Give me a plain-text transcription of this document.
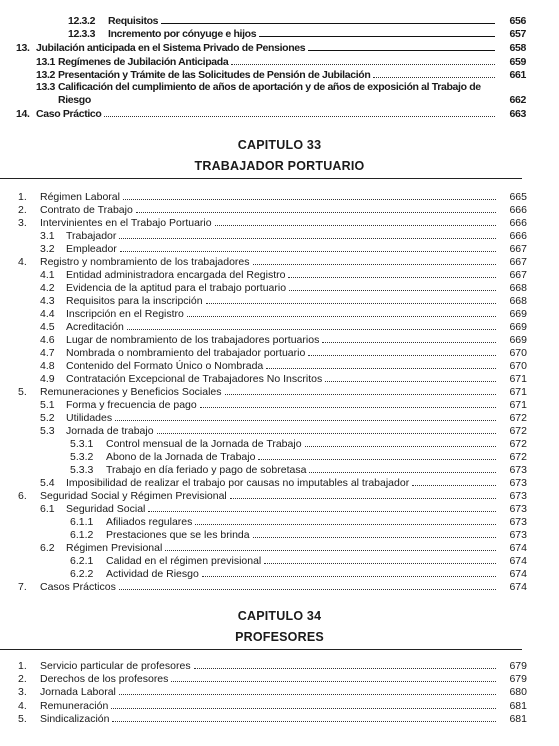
12.3.2	Requisitos	656
12.3.3	Incremento por cónyuge e hijos	657
13. Jubilación anticipada en el Sistema Privado de Pensiones	658
13.1 Regímenes de Jubilación Anticipada	659
13.2 Presentación y Trámite de las Solicitudes de Pensión de Jubilación	661
13.3 Calificación del cumplimiento de años de aportación y de años de exposición al Trabajo de
Riesgo	662
14. Caso Práctico	663
CAPITULO 33
TRABAJADOR PORTUARIO
1.	Régimen Laboral	665
2.	Contrato de Trabajo	666
3.	Intervinientes en el Trabajo Portuario	666
3.1	Trabajador	666
3.2	Empleador	667
4.	Registro y nombramiento de los trabajadores	667
4.1	Entidad administradora encargada del Registro	667
4.2	Evidencia de la aptitud para el trabajo portuario	668
4.3	Requisitos para la inscripción	668
4.4	Inscripción en el Registro	669
4.5	Acreditación	669
4.6	Lugar de nombramiento de los trabajadores portuarios	669
4.7	Nombrada o nombramiento del trabajador portuario	670
4.8	Contenido del Formato Único o Nombrada	670
4.9	Contratación Excepcional de Trabajadores No Inscritos	671
5.	Remuneraciones y Beneficios Sociales	671
5.1	Forma y frecuencia de pago	671
5.2	Utilidades	672
5.3	Jornada de trabajo	672
5.3.1	Control mensual de la Jornada de Trabajo	672
5.3.2	Abono de la Jornada de Trabajo	672
5.3.3	Trabajo en día feriado y pago de sobretasa	673
5.4	Imposibilidad de realizar el trabajo por causas no imputables al trabajador	673
6.	Seguridad Social y Régimen Previsional	673
6.1	Seguridad Social	673
6.1.1	Afiliados regulares	673
6.1.2	Prestaciones que se les brinda	673
6.2	Régimen Previsional	674
6.2.1	Calidad en el régimen previsional	674
6.2.2	Actividad de Riesgo	674
7.	Casos Prácticos	674
CAPITULO 34
PROFESORES
1.	Servicio particular de profesores	679
2.	Derechos de los profesores	679
3.	Jornada Laboral	680
4.	Remuneración	681
5.	Sindicalización	681
